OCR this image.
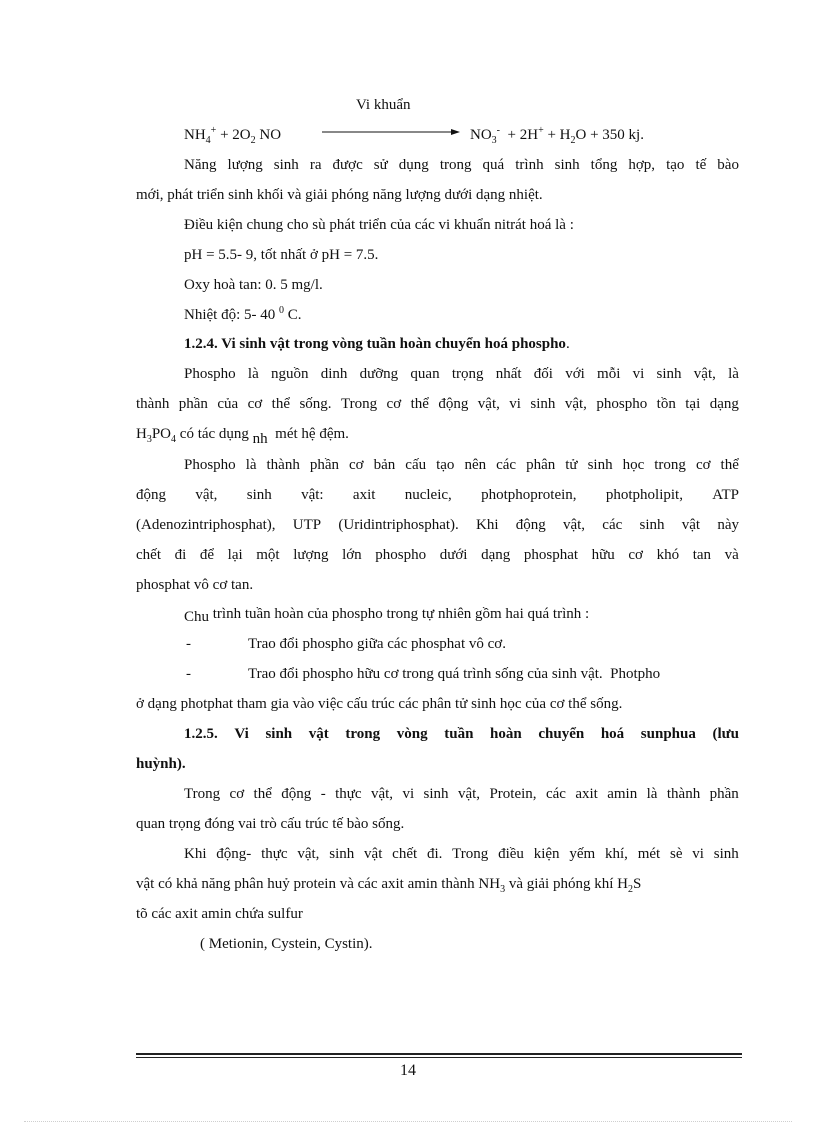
Vi khuẩn
$NH_4^+ + 2O_2$ NO	$NO_3^- + 2H^+ + H_2O + 350$ kj.
Năng lượng sinh ra được sử dụng trong quá trình sinh tổng hợp, tạo tế bào
mới, phát triển sinh khối và giải phóng năng lượng dưới dạng nhiệt.
Điều kiện chung cho sù phát triển của các vi khuẩn nitrát hoá là :
pH = 5.5- 9, tốt nhất ở pH = 7.5.
Oxy hoà tan: 0. 5 mg/l.
Nhiệt độ: 5- 40 $^0$ C.
1.2.4. Vi sinh vật trong vòng tuần hoàn chuyển hoá phospho.
Phospho là nguồn dinh dưỡng quan trọng nhất đối với mỗi vi sinh vật, là
thành phần của cơ thể sống. Trong cơ thể động vật, vi sinh vật, phospho tồn tại dạng
$H_3PO_4$ có tác dụng nh  mét hệ đệm.
Phospho là thành phần cơ bản cấu tạo nên các phân tử sinh học trong cơ thể
động vật, sinh vật: axit nucleic, photphoprotein, photpholipit, ATP
(Adenozintriphosphat), UTP (Uridintriphosphat). Khi động vật, các sinh vật này
chết đi để lại một lượng lớn phospho dưới dạng phosphat hữu cơ khó tan và
phosphat vô cơ tan.
Chu trình tuần hoàn của phospho trong tự nhiên gồm hai quá trình :
-	Trao đổi phospho giữa các phosphat vô cơ.
-	Trao đổi phospho hữu cơ trong quá trình sống của sinh vật.  Photpho
ở dạng photphat tham gia vào việc cấu trúc các phân tử sinh học của cơ thể sống.
1.2.5. Vi sinh vật trong vòng tuần hoàn chuyển hoá sunphua (lưu
huỳnh).
Trong cơ thể động - thực vật, vi sinh vật, Protein, các axit amin là thành phần
quan trọng đóng vai trò cấu trúc tế bào sống.
Khi động- thực vật, sinh vật chết đi. Trong điều kiện yếm khí, mét sè vi sinh
vật có khả năng phân huỷ protein và các axit amin thành $NH_3$ và giải phóng khí $H_2S$
tõ các axit amin chứa sulfur
( Metionin, Cystein, Cystin).
14
